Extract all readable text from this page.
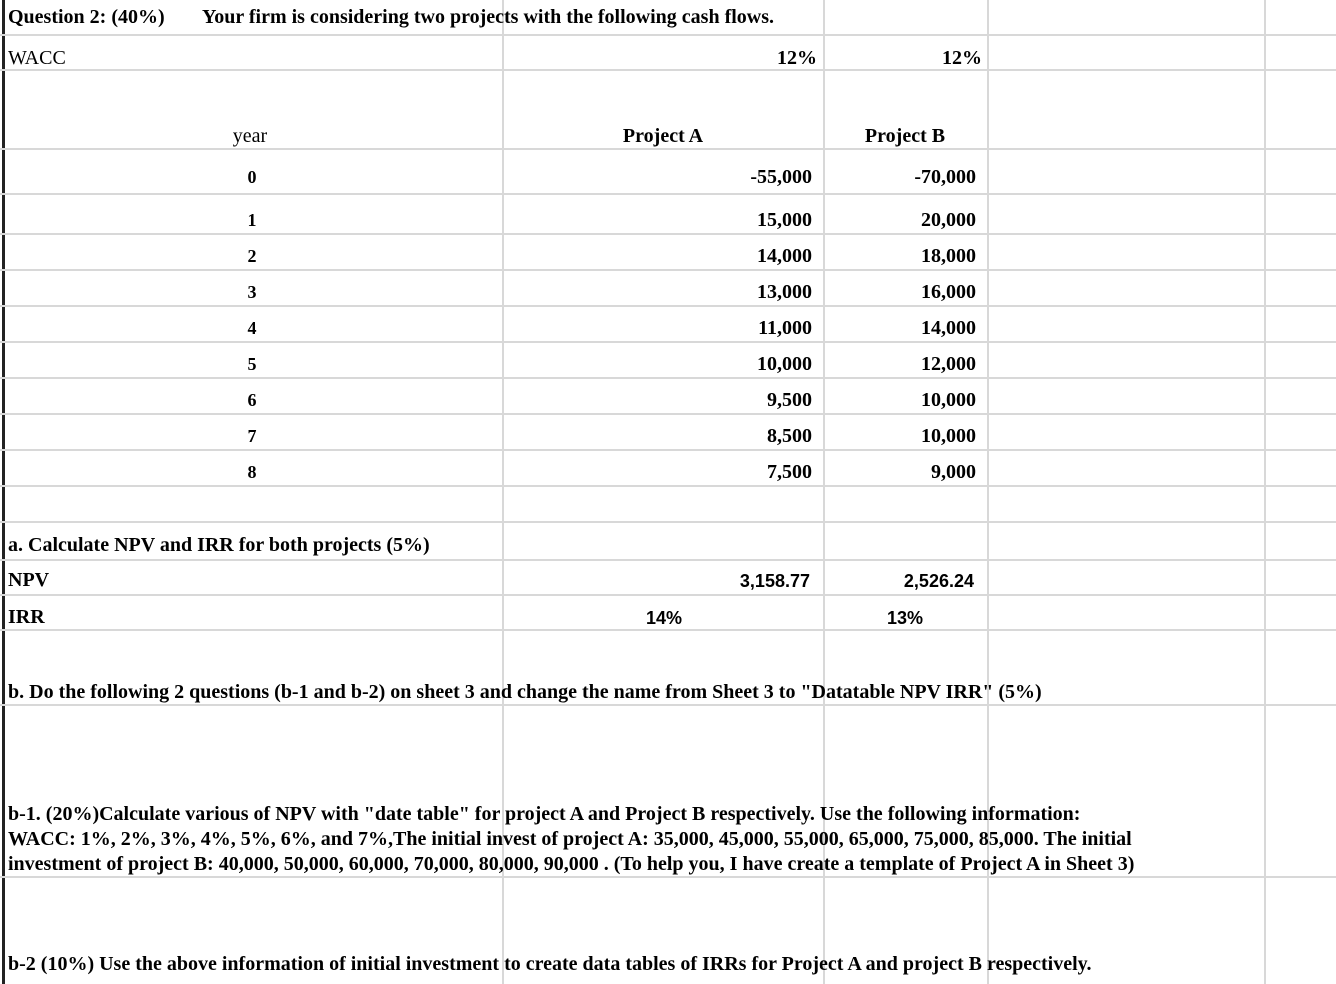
Question 2: (40%) Your firm is considering two projects with the following cash flows.
WACC	12%	12%
year	Project A	Project B
0	-55,000	-70,000
1	15,000	20,000
2	14,000	18,000
3	13,000	16,000
4	11,000	14,000
5	10,000	12,000
6	9,500	10,000
7	8,500	10,000
8	7,500	9,000
a. Calculate NPV and IRR for both projects (5%)
NPV	3,158.77	2,526.24
IRR	14%	13%
b. Do the following 2 questions (b-1 and b-2) on sheet 3 and change the name from Sheet 3 to "Datatable NPV IRR" (5%)
b-1. (20%)Calculate various of NPV with "date table" for project A and Project B respectively. Use the following information:
WACC: 1%, 2%, 3%, 4%, 5%, 6%, and 7%,The initial invest of project A: 35,000, 45,000, 55,000, 65,000, 75,000, 85,000. The initial
investment of project B: 40,000, 50,000, 60,000, 70,000, 80,000, 90,000 . (To help you, I have create a template of Project A in Sheet 3)
b-2 (10%) Use the above information of initial investment to create data tables of IRRs for Project A and project B respectively.
